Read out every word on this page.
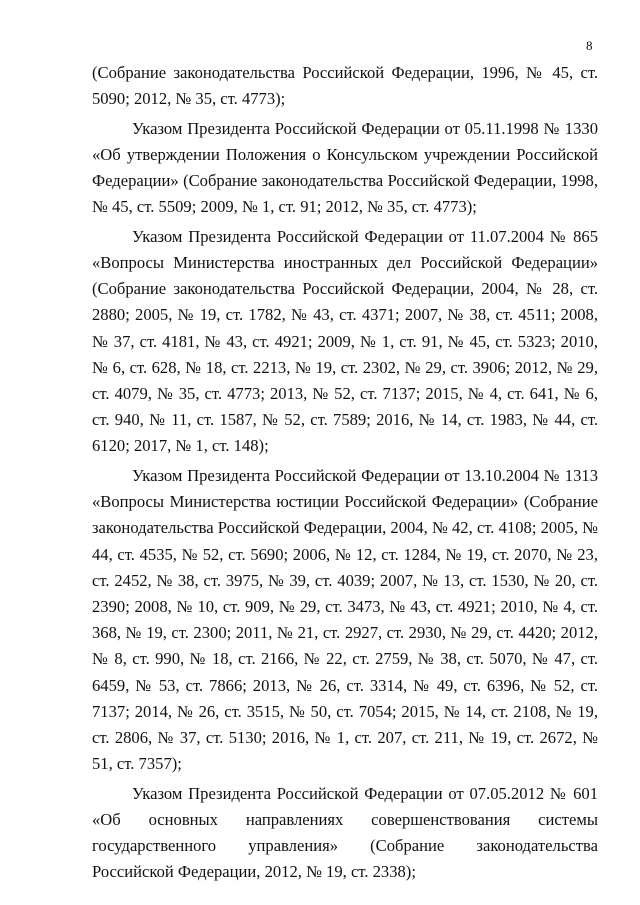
8

(Собрание законодательства Российской Федерации, 1996, № 45, ст. 5090; 2012, № 35, ст. 4773);

Указом Президента Российской Федерации от 05.11.1998 № 1330 «Об утверждении Положения о Консульском учреждении Российской Федерации» (Собрание законодательства Российской Федерации, 1998, № 45, ст. 5509; 2009, № 1, ст. 91; 2012, № 35, ст. 4773);

Указом Президента Российской Федерации от 11.07.2004 № 865 «Вопросы Министерства иностранных дел Российской Федерации» (Собрание законодательства Российской Федерации, 2004, № 28, ст. 2880; 2005, № 19, ст. 1782, № 43, ст. 4371; 2007, № 38, ст. 4511; 2008, № 37, ст. 4181, № 43, ст. 4921; 2009, № 1, ст. 91, № 45, ст. 5323; 2010, № 6, ст. 628, № 18, ст. 2213, № 19, ст. 2302, № 29, ст. 3906; 2012, № 29, ст. 4079, № 35, ст. 4773; 2013, № 52, ст. 7137; 2015, № 4, ст. 641, № 6, ст. 940, № 11, ст. 1587, № 52, ст. 7589; 2016, № 14, ст. 1983, № 44, ст. 6120; 2017, № 1, ст. 148);

Указом Президента Российской Федерации от 13.10.2004 № 1313 «Вопросы Министерства юстиции Российской Федерации» (Собрание законодательства Российской Федерации, 2004, № 42, ст. 4108; 2005, № 44, ст. 4535, № 52, ст. 5690; 2006, № 12, ст. 1284, № 19, ст. 2070, № 23, ст. 2452, № 38, ст. 3975, № 39, ст. 4039; 2007, № 13, ст. 1530, № 20, ст. 2390; 2008, № 10, ст. 909, № 29, ст. 3473, № 43, ст. 4921; 2010, № 4, ст. 368, № 19, ст. 2300; 2011, № 21, ст. 2927, ст. 2930, № 29, ст. 4420; 2012, № 8, ст. 990, № 18, ст. 2166, № 22, ст. 2759, № 38, ст. 5070, № 47, ст. 6459, № 53, ст. 7866; 2013, № 26, ст. 3314, № 49, ст. 6396, № 52, ст. 7137; 2014, № 26, ст. 3515, № 50, ст. 7054; 2015, № 14, ст. 2108, № 19, ст. 2806, № 37, ст. 5130; 2016, № 1, ст. 207, ст. 211, № 19, ст. 2672, № 51, ст. 7357);

Указом Президента Российской Федерации от 07.05.2012 № 601 «Об основных направлениях совершенствования системы государственного управления» (Собрание законодательства Российской Федерации, 2012, № 19, ст. 2338);
